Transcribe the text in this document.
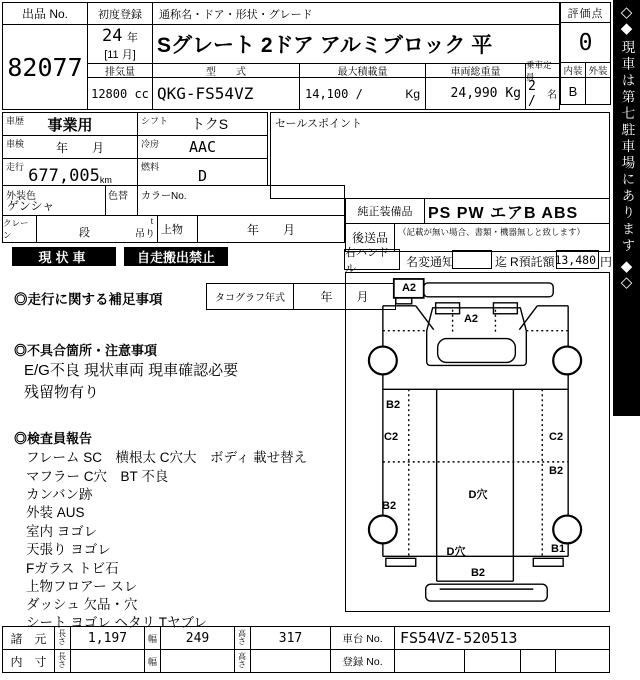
出品 No.
82077
初度登録
24 年
[11 月]
通称名・ドア・形状・グレード
Sグレート 2ドア アルミブロック 平
排気量
12800 cc
型　　式
QKG-FS54VZ
最大積載量
14,100 /	Kg
車両総重量
24,990 Kg
乗車定員
2 /	名
評価点
0
内装 外装
B
車歴	事業用	シフト	トクS
車検	年　　月	冷房	AAC
走行 677,005 km
燃料	D
外装色
ゲンシャ
色替 カラーNo.
クレーン	段
t
吊り 上物	年　　月
セールスポイント
純正装備品 PS PW エアB ABS
後送品	（記載が無い場合、書類・機器無しと致します）
現状車	自走搬出禁止	右ハンドル	名変通知	迄 R預託額 13,480 円
◎走行に関する補足事項	タコグラフ年式	年　　月
◎不具合箇所・注意事項
E/G不良 現状車両 現車確認必要
残留物有り
◎検査員報告
フレーム SC　横根太 C穴大　ボディ 載せ替え
マフラー C穴　BT 不良
カンバン跡
外装 AUS
室内 ヨゴレ
天張り ヨゴレ
Fガラス トビ石
上物フロアー スレ
ダッシュ 欠品・穴
シート ヨゴレ ヘタリ Tヤブレ
A2
A2
B2
C2	C2
B2
D穴
B2
D穴	B1
B2
諸　元	長さ	1,197	幅	249	高さ	317	車台 No.	FS54VZ-520513
内　寸	長さ	幅	高さ	登録 No.
◇
◆
現車は第七駐車場にあります
◆
◇
